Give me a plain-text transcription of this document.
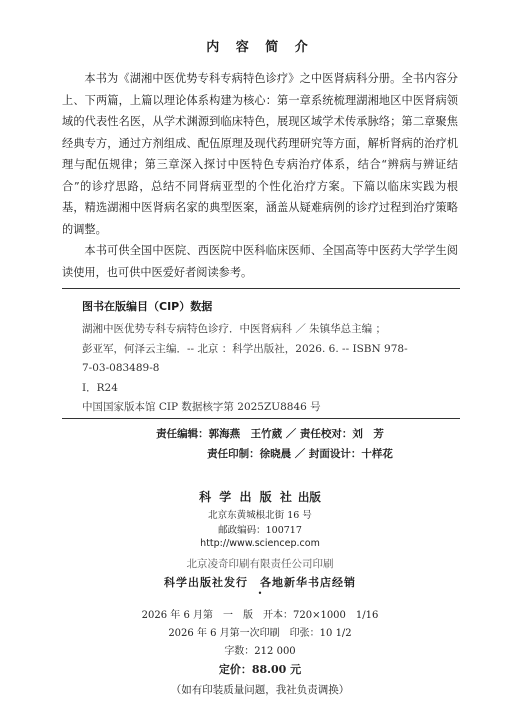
内 容 简 介

本书为《湖湘中医优势专科专病特色诊疗》之中医肾病科分册。全书内容分上、下两篇，上篇以理论体系构建为核心：第一章系统梳理湖湘地区中医肾病领域的代表性名医，从学术渊源到临床特色，展现区域学术传承脉络；第二章聚焦经典专方，通过方剂组成、配伍原理及现代药理研究等方面，解析肾病的治疗机理与配伍规律；第三章深入探讨中医特色专病治疗体系，结合“辨病与辨证结合”的诊疗思路，总结不同肾病亚型的个性化治疗方案。下篇以临床实践为根基，精选湖湘中医肾病名家的典型医案，涵盖从疑难病例的诊疗过程到治疗策略的调整。

本书可供全国中医院、西医院中医科临床医师、全国高等中医药大学学生阅读使用，也可供中医爱好者阅读参考。

图书在版编目（CIP）数据
湖湘中医优势专科专病特色诊疗．中医肾病科 ／ 朱镇华总主编 ；
彭亚军，何泽云主编．-- 北京 ：科学出版社，2026. 6. -- ISBN 978-
7-03-083489-8
Ⅰ．R24
中国国家版本馆 CIP 数据核字第 2025ZU8846 号
责任编辑：郭海燕　王竹葳 ／ 责任校对：刘　芳
责任印制：徐晓晨 ／ 封面设计：十样花
科 学 出 版 社 出版
北京东黄城根北街 16 号
邮政编码：100717
http://www.sciencep.com
北京凌奇印刷有限责任公司印刷
科学出版社发行　各地新华书店经销
•
2026 年 6 月第　一　版　开本：720×1000　1/16
2026 年 6 月第一次印刷　印张：10 1/2
字数：212 000
定价：88.00 元
（如有印装质量问题，我社负责调换）
